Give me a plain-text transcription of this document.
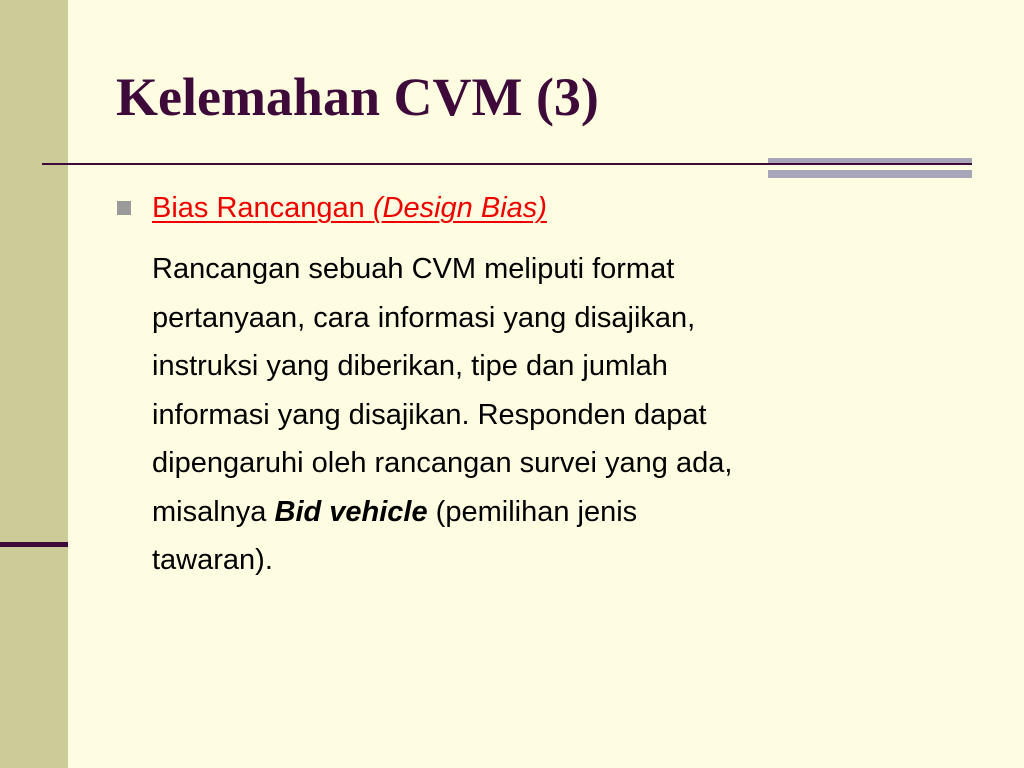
Kelemahan CVM (3)

Bias Rancangan (Design Bias)

Rancangan sebuah CVM meliputi format
pertanyaan, cara informasi yang disajikan,
instruksi yang diberikan, tipe dan jumlah
informasi yang disajikan. Responden dapat
dipengaruhi oleh rancangan survei yang ada,
misalnya Bid vehicle (pemilihan jenis
tawaran).
